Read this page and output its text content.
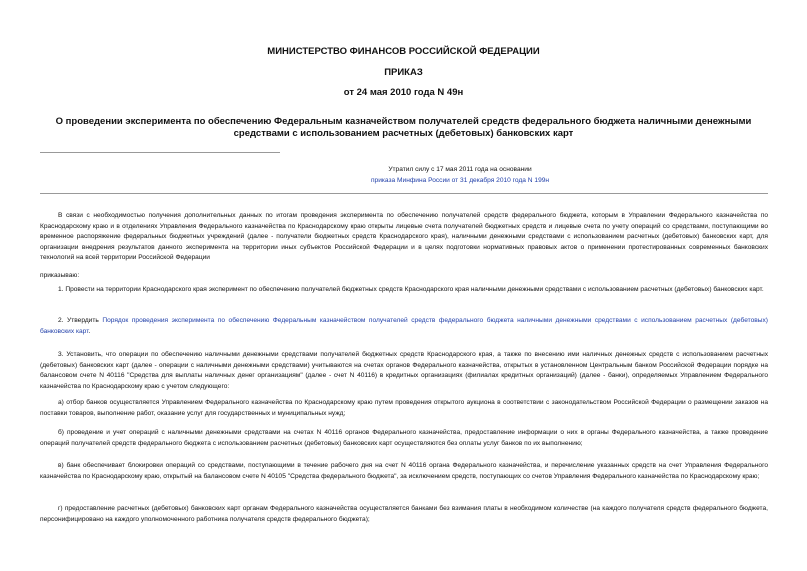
МИНИСТЕРСТВО ФИНАНСОВ РОССИЙСКОЙ ФЕДЕРАЦИИ
ПРИКАЗ
от 24 мая 2010 года N 49н
О проведении эксперимента по обеспечению Федеральным казначейством получателей средств федерального бюджета наличными денежными средствами с использованием расчетных (дебетовых) банковских карт
Утратил силу с 17 мая 2011 года на основании
приказа Минфина России от 31 декабря 2010 года N 199н
В связи с необходимостью получения дополнительных данных по итогам проведения эксперимента по обеспечению получателей средств федерального бюджета, которым в Управлении Федерального казначейства по Краснодарскому краю и в отделениях Управления Федерального казначейства по Краснодарскому краю открыты лицевые счета получателей бюджетных средств и лицевые счета по учету операций со средствами, поступающими во временное распоряжение федеральных бюджетных учреждений (далее - получатели бюджетных средств Краснодарского края), наличными денежными средствами с использованием расчетных (дебетовых) банковских карт, для организации внедрения результатов данного эксперимента на территории иных субъектов Российской Федерации и в целях подготовки нормативных правовых актов о применении протестированных современных банковских технологий на всей территории Российской Федерации
приказываю:
1. Провести на территории Краснодарского края эксперимент по обеспечению получателей бюджетных средств Краснодарского края наличными денежными средствами с использованием расчетных (дебетовых) банковских карт.
2. Утвердить Порядок проведения эксперимента по обеспечению Федеральным казначейством получателей средств федерального бюджета наличными денежными средствами с использованием расчетных (дебетовых) банковских карт.
3. Установить, что операции по обеспечению наличными денежными средствами получателей бюджетных средств Краснодарского края, а также по внесению ими наличных денежных средств с использованием расчетных (дебетовых) банковских карт (далее - операции с наличными денежными средствами) учитываются на счетах органов Федерального казначейства, открытых в установленном Центральным банком Российской Федерации порядке на балансовом счете N 40116 "Средства для выплаты наличных денег организациям" (далее - счет N 40116) в кредитных организациях (филиалах кредитных организаций) (далее - банки), определяемых Управлением Федерального казначейства по Краснодарскому краю с учетом следующего:
а) отбор банков осуществляется Управлением Федерального казначейства по Краснодарскому краю путем проведения открытого аукциона в соответствии с законодательством Российской Федерации о размещении заказов на поставки товаров, выполнение работ, оказание услуг для государственных и муниципальных нужд;
б) проведение и учет операций с наличными денежными средствами на счетах N 40116 органов Федерального казначейства, предоставление информации о них в органы Федерального казначейства, а также проведение операций получателей средств федерального бюджета с использованием расчетных (дебетовых) банковских карт осуществляются без оплаты услуг банков по их выполнению;
в) банк обеспечивает блокировки операций со средствами, поступающими в течение рабочего дня на счет N 40116 органа Федерального казначейства, и перечисление указанных средств на счет Управления Федерального казначейства по Краснодарскому краю, открытый на балансовом счете N 40105 "Средства федерального бюджета", за исключением средств, поступающих со счетов Управления Федерального казначейства по Краснодарскому краю;
г) предоставление расчетных (дебетовых) банковских карт органам Федерального казначейства осуществляется банками без взимания платы в необходимом количестве (на каждого получателя средств федерального бюджета, персонифицировано на каждого уполномоченного работника получателя средств федерального бюджета);
